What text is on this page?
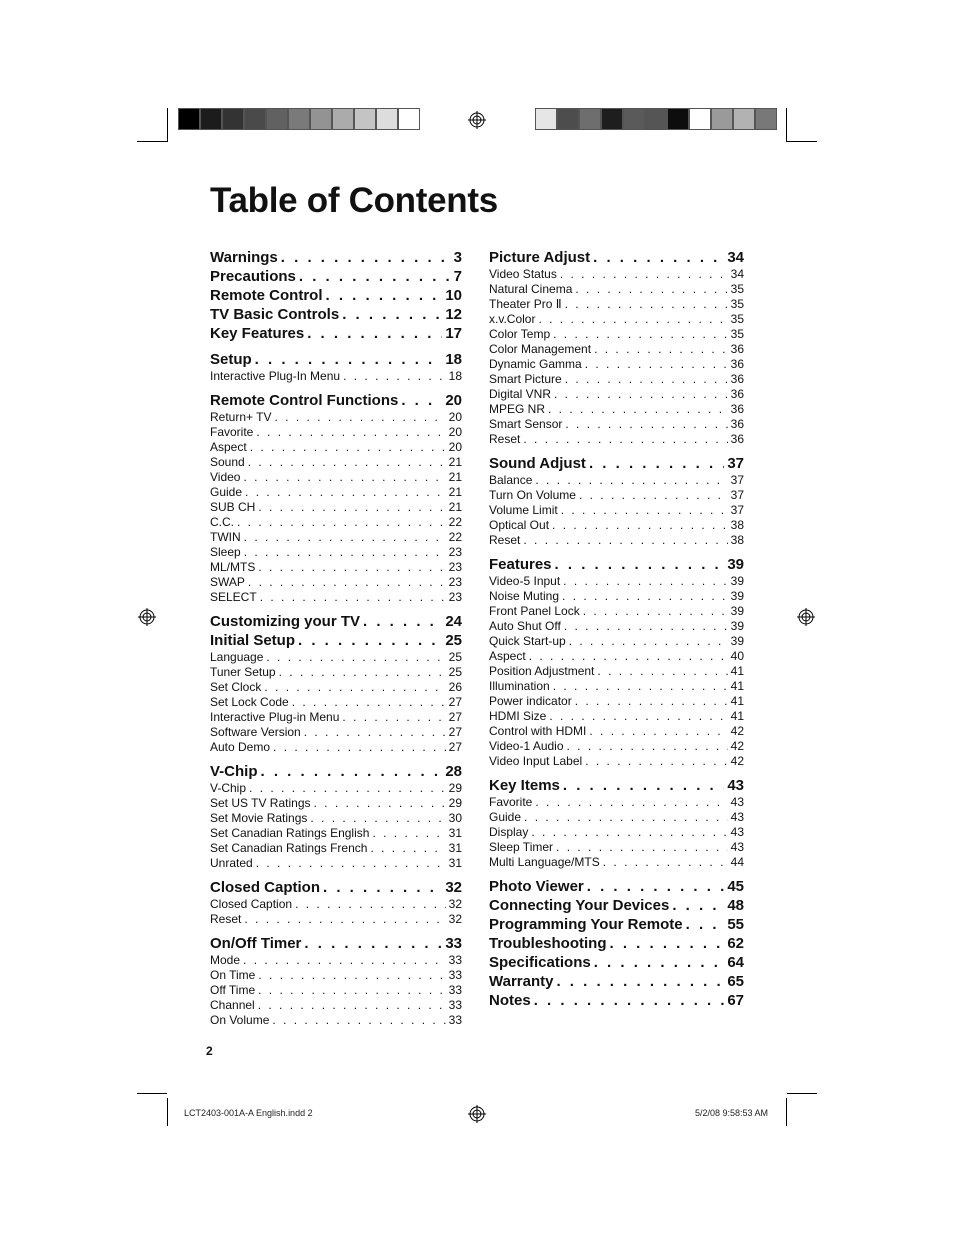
Table of Contents
Warnings . . .	3
Precautions . . .	7
Remote Control . . .	10
TV Basic Controls . . .	12
Key Features . . .	17
Setup . . .	18
Interactive Plug-In Menu . . .	18
Remote Control Functions . . .	20
Return+ TV . . .	20
Favorite . . .	20
Aspect . . .	20
Sound . . .	21
Video . . .	21
Guide . . .	21
SUB CH . . .	21
C.C. . . .	22
TWIN . . .	22
Sleep . . .	23
ML/MTS . . .	23
SWAP . . .	23
SELECT . . .	23
Customizing your TV . . .	24
Initial Setup . . .	25
Language . . .	25
Tuner Setup . . .	25
Set Clock . . .	26
Set Lock Code . . .	27
Interactive Plug-in Menu . . .	27
Software Version . . .	27
Auto Demo . . .	27
V-Chip . . .	28
V-Chip . . .	29
Set US TV Ratings . . .	29
Set Movie Ratings . . .	30
Set Canadian Ratings English . . .	31
Set Canadian Ratings French . . .	31
Unrated . . .	31
Closed Caption . . .	32
Closed Caption . . .	32
Reset . . .	32
On/Off Timer . . .	33
Mode . . .	33
On Time . . .	33
Off Time . . .	33
Channel . . .	33
On Volume . . .	33
Picture Adjust . . .	34
Video Status . . .	34
Natural Cinema . . .	35
Theater Pro Ⅱ . . .	35
x.v.Color . . .	35
Color Temp . . .	35
Color Management . . .	36
Dynamic Gamma . . .	36
Smart Picture . . .	36
Digital VNR . . .	36
MPEG NR . . .	36
Smart Sensor . . .	36
Reset . . .	36
Sound Adjust . . .	37
Balance . . .	37
Turn On Volume . . .	37
Volume Limit . . .	37
Optical Out . . .	38
Reset . . .	38
Features . . .	39
Video-5 Input . . .	39
Noise Muting . . .	39
Front Panel Lock . . .	39
Auto Shut Off . . .	39
Quick Start-up . . .	39
Aspect . . .	40
Position Adjustment . . .	41
Illumination . . .	41
Power indicator . . .	41
HDMI Size . . .	41
Control with HDMI . . .	42
Video-1 Audio . . .	42
Video Input Label . . .	42
Key Items . . .	43
Favorite . . .	43
Guide . . .	43
Display . . .	43
Sleep Timer . . .	43
Multi Language/MTS . . .	44
Photo Viewer . . .	45
Connecting Your Devices . . .	48
Programming Your Remote . . .	55
Troubleshooting . . .	62
Specifications . . .	64
Warranty . . .	65
Notes . . .	67
2
LCT2403-001A-A English.indd 2	5/2/08 9:58:53 AM
